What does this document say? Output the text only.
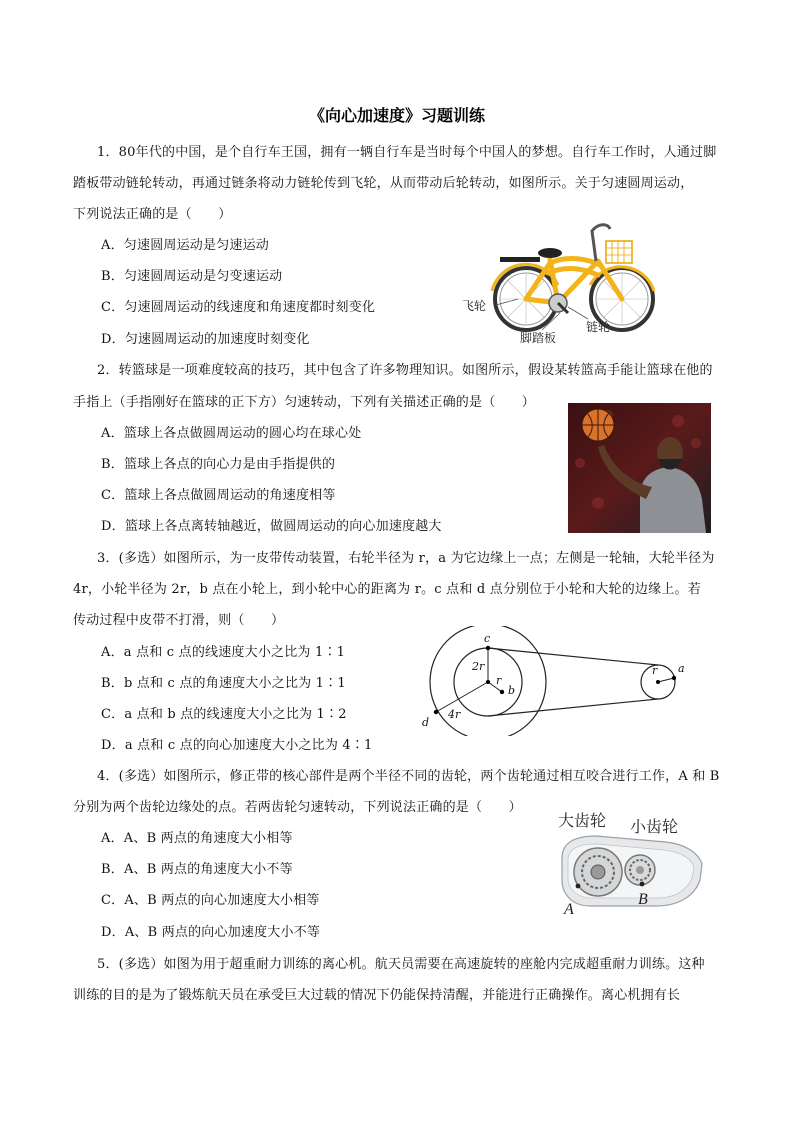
《向心加速度》习题训练
1．80年代的中国，是个自行车王国，拥有一辆自行车是当时每个中国人的梦想。自行车工作时，人通过脚
踏板带动链轮转动，再通过链条将动力链轮传到飞轮，从而带动后轮转动，如图所示。关于匀速圆周运动，
下列说法正确的是（　　）
A．匀速圆周运动是匀速运动
B．匀速圆周运动是匀变速运动
C．匀速圆周运动的线速度和角速度都时刻变化
D．匀速圆周运动的加速度时刻变化
飞轮
脚踏板
链轮
2．转篮球是一项难度较高的技巧，其中包含了许多物理知识。如图所示，假设某转篮高手能让篮球在他的
手指上（手指刚好在篮球的正下方）匀速转动，下列有关描述正确的是（　　）
A．篮球上各点做圆周运动的圆心均在球心处
B．篮球上各点的向心力是由手指提供的
C．篮球上各点做圆周运动的角速度相等
D．篮球上各点离转轴越近，做圆周运动的向心加速度越大
3．(多选）如图所示，为一皮带传动装置，右轮半径为 r，a 为它边缘上一点；左侧是一轮轴，大轮半径为
4r，小轮半径为 2r，b 点在小轮上，到小轮中心的距离为 r。c 点和 d 点分别位于小轮和大轮的边缘上。若
传动过程中皮带不打滑，则（　　）
A．a 点和 c 点的线速度大小之比为 1∶1
B．b 点和 c 点的角速度大小之比为 1∶1
C．a 点和 b 点的线速度大小之比为 1∶2
D．a 点和 c 点的向心加速度大小之比为 4∶1
c
d
a
b
r
r
2r
4r
4．(多选）如图所示，修正带的核心部件是两个半径不同的齿轮，两个齿轮通过相互咬合进行工作，A 和 B
分别为两个齿轮边缘处的点。若两齿轮匀速转动，下列说法正确的是（　　）
A．A、B 两点的角速度大小相等
B．A、B 两点的角速度大小不等
C．A、B 两点的向心加速度大小相等
D．A、B 两点的向心加速度大小不等
大齿轮 小齿轮
A
B
5．(多选）如图为用于超重耐力训练的离心机。航天员需要在高速旋转的座舱内完成超重耐力训练。这种
训练的目的是为了锻炼航天员在承受巨大过载的情况下仍能保持清醒，并能进行正确操作。离心机拥有长
